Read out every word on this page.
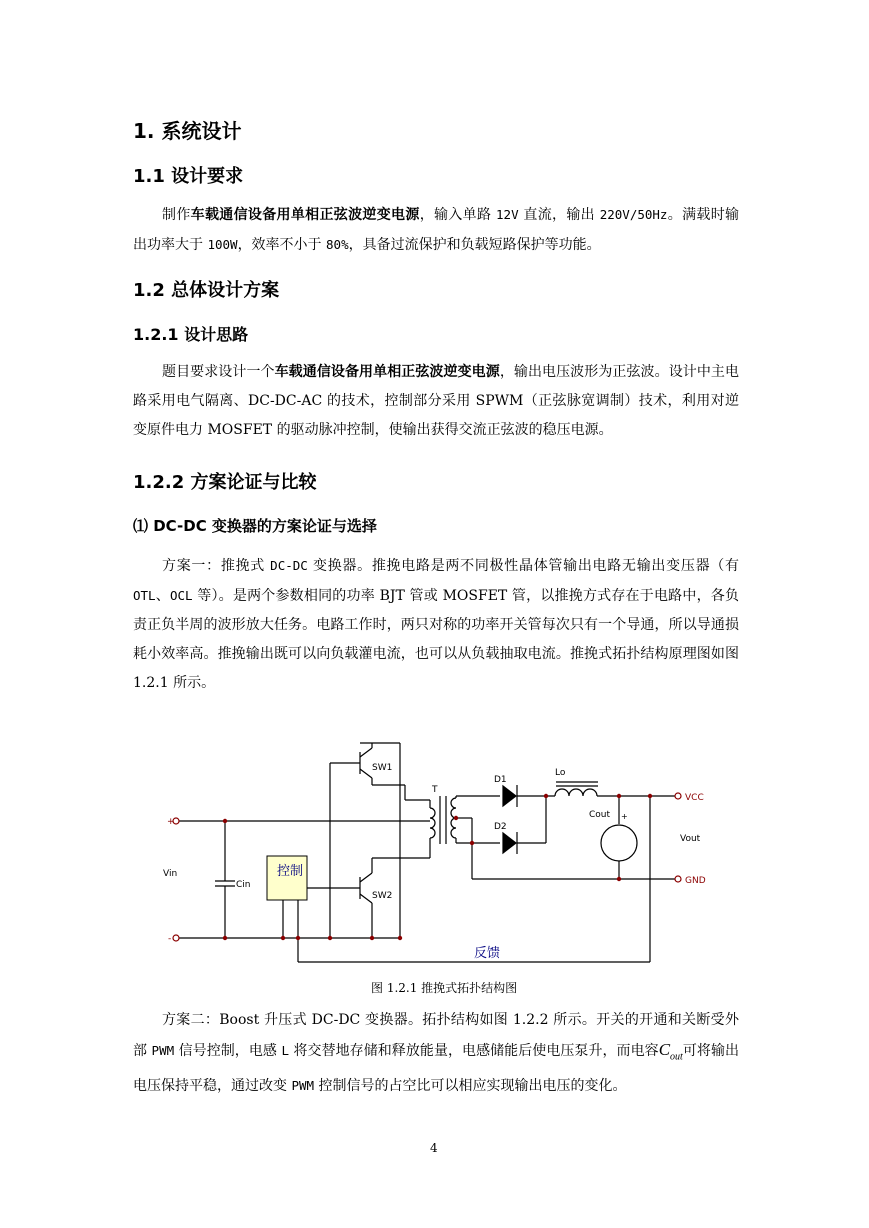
1. 系统设计
1.1 设计要求
制作车载通信设备用单相正弦波逆变电源，输入单路 12V 直流，输出 220V/50Hz。满载时输出功率大于 100W，效率不小于 80%，具备过流保护和负载短路保护等功能。
1.2 总体设计方案
1.2.1 设计思路
题目要求设计一个车载通信设备用单相正弦波逆变电源，输出电压波形为正弦波。设计中主电路采用电气隔离、DC-DC-AC 的技术，控制部分采用 SPWM（正弦脉宽调制）技术，利用对逆变原件电力 MOSFET 的驱动脉冲控制，使输出获得交流正弦波的稳压电源。
1.2.2 方案论证与比较
⑴ DC-DC 变换器的方案论证与选择
方案一：推挽式 DC-DC 变换器。推挽电路是两不同极性晶体管输出电路无输出变压器（有 OTL、OCL 等）。是两个参数相同的功率 BJT 管或 MOSFET 管，以推挽方式存在于电路中，各负责正负半周的波形放大任务。电路工作时，两只对称的功率开关管每次只有一个导通，所以导通损耗小效率高。推挽输出既可以向负载灌电流，也可以从负载抽取电流。推挽式拓扑结构原理图如图 1.2.1 所示。
SW1
SW2
T
D1
D2
Lo
Cout +
Vin
Cin
Vout
VCC
GND
+
-
控制
反馈
图 1.2.1 推挽式拓扑结构图
方案二：Boost 升压式 DC-DC 变换器。拓扑结构如图 1.2.2 所示。开关的开通和关断受外部 PWM 信号控制，电感 L 将交替地存储和释放能量，电感储能后使电压泵升，而电容$C_{out}$可将输出电压保持平稳，通过改变 PWM 控制信号的占空比可以相应实现输出电压的变化。
4
